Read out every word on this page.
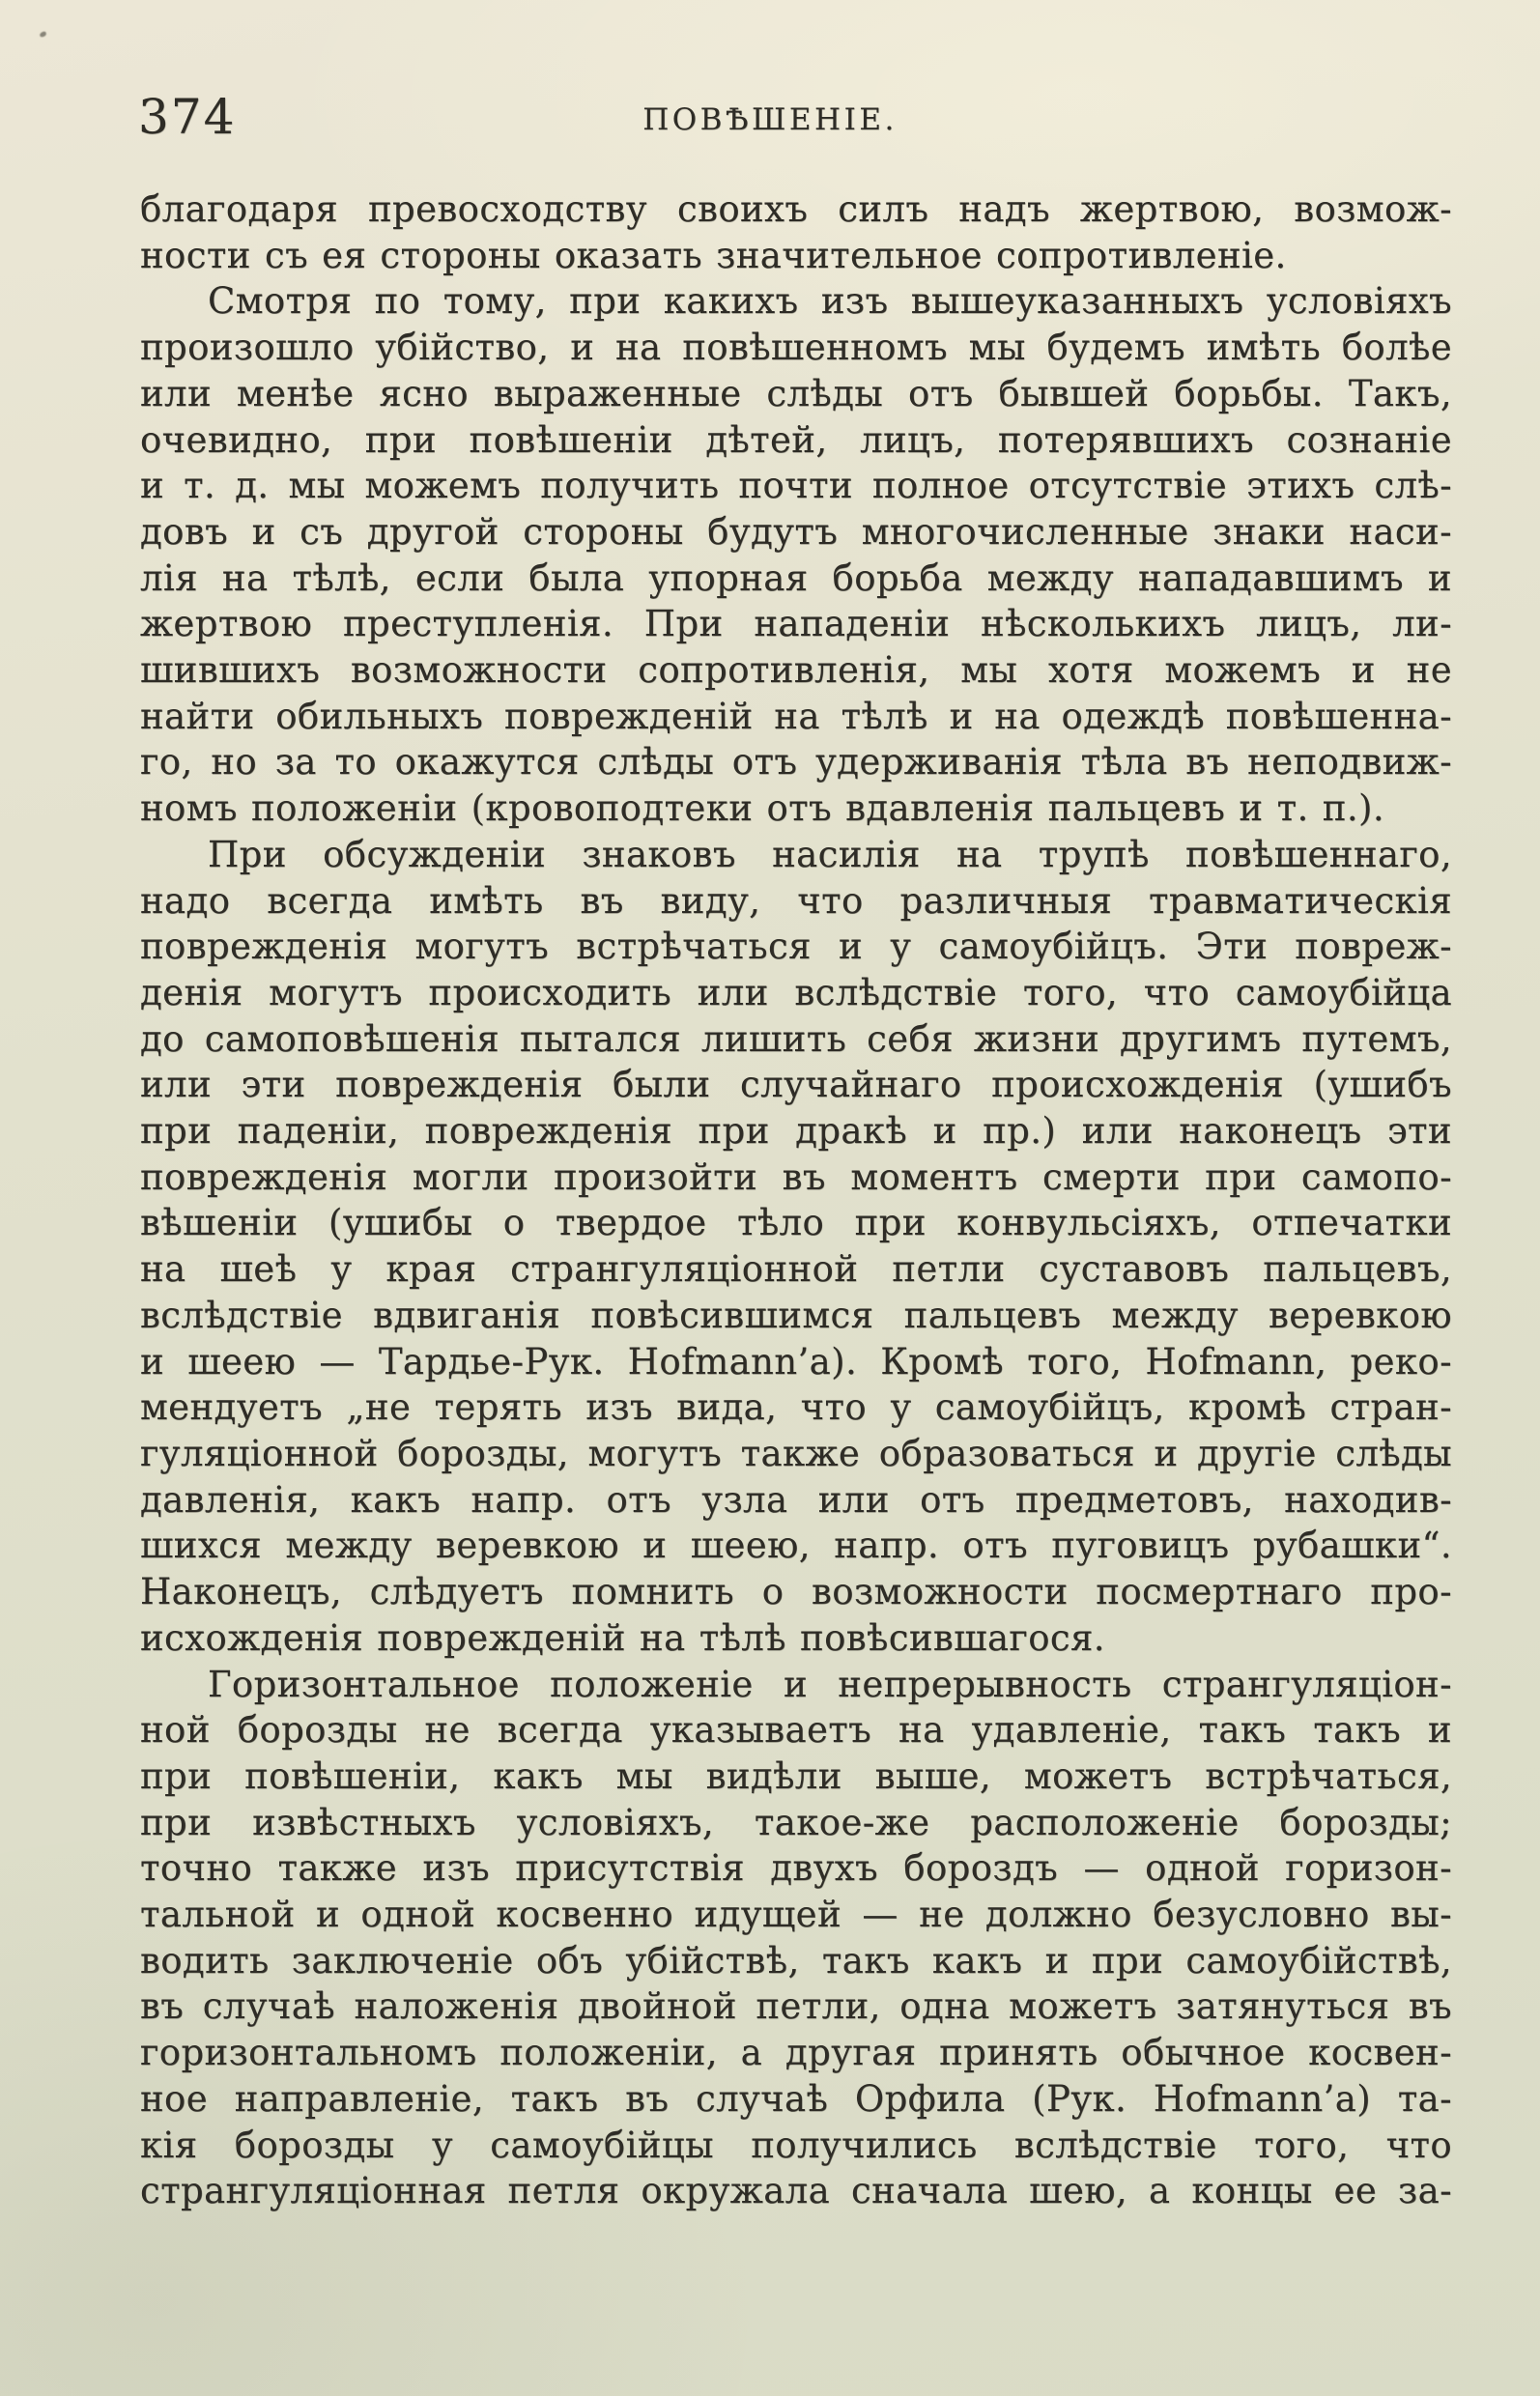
374	ПОВѢШЕНІЕ.
благодаря превосходству своихъ силъ надъ жертвою, возмож-
ности съ ея стороны оказать значительное сопротивленіе.
Смотря по тому, при какихъ изъ вышеуказанныхъ условіяхъ
произошло убійство, и на повѣшенномъ мы будемъ имѣть болѣе
или менѣе ясно выраженные слѣды отъ бывшей борьбы. Такъ,
очевидно, при повѣшеніи дѣтей, лицъ, потерявшихъ сознаніе
и т. д. мы можемъ получить почти полное отсутствіе этихъ слѣ-
довъ и съ другой стороны будутъ многочисленные знаки наси-
лія на тѣлѣ, если была упорная борьба между нападавшимъ и
жертвою преступленія. При нападеніи нѣсколькихъ лицъ, ли-
шившихъ возможности сопротивленія, мы хотя можемъ и не
найти обильныхъ поврежденій на тѣлѣ и на одеждѣ повѣшенна-
го, но за то окажутся слѣды отъ удерживанія тѣла въ неподвиж-
номъ положеніи (кровоподтеки отъ вдавленія пальцевъ и т. п.).
При обсужденіи знаковъ насилія на трупѣ повѣшеннаго,
надо всегда имѣть въ виду, что различныя травматическія
поврежденія могутъ встрѣчаться и у самоубійцъ. Эти повреж-
денія могутъ происходить или вслѣдствіе того, что самоубійца
до самоповѣшенія пытался лишить себя жизни другимъ путемъ,
или эти поврежденія были случайнаго происхожденія (ушибъ
при паденіи, поврежденія при дракѣ и пр.) или наконецъ эти
поврежденія могли произойти въ моментъ смерти при самопо-
вѣшеніи (ушибы о твердое тѣло при конвульсіяхъ, отпечатки
на шеѣ у края странгуляціонной петли суставовъ пальцевъ,
вслѣдствіе вдвиганія повѣсившимся пальцевъ между веревкою
и шеею — Тардье-Рук. Hofmann’а). Кромѣ того, Hofmann, реко-
мендуетъ „не терять изъ вида, что у самоубійцъ, кромѣ стран-
гуляціонной борозды, могутъ также образоваться и другіе слѣды
давленія, какъ напр. отъ узла или отъ предметовъ, находив-
шихся между веревкою и шеею, напр. отъ пуговицъ рубашки“.
Наконецъ, слѣдуетъ помнить о возможности посмертнаго про-
исхожденія поврежденій на тѣлѣ повѣсившагося.
Горизонтальное положеніе и непрерывность странгуляціон-
ной борозды не всегда указываетъ на удавленіе, такъ такъ и
при повѣшеніи, какъ мы видѣли выше, можетъ встрѣчаться,
при извѣстныхъ условіяхъ, такое-же расположеніе борозды;
точно также изъ присутствія двухъ бороздъ — одной горизон-
тальной и одной косвенно идущей — не должно безусловно вы-
водить заключеніе объ убійствѣ, такъ какъ и при самоубійствѣ,
въ случаѣ наложенія двойной петли, одна можетъ затянуться въ
горизонтальномъ положеніи, а другая принять обычное косвен-
ное направленіе, такъ въ случаѣ Орфила (Рук. Hofmann’а) та-
кія борозды у самоубійцы получились вслѣдствіе того, что
странгуляціонная петля окружала сначала шею, а концы ее за-
